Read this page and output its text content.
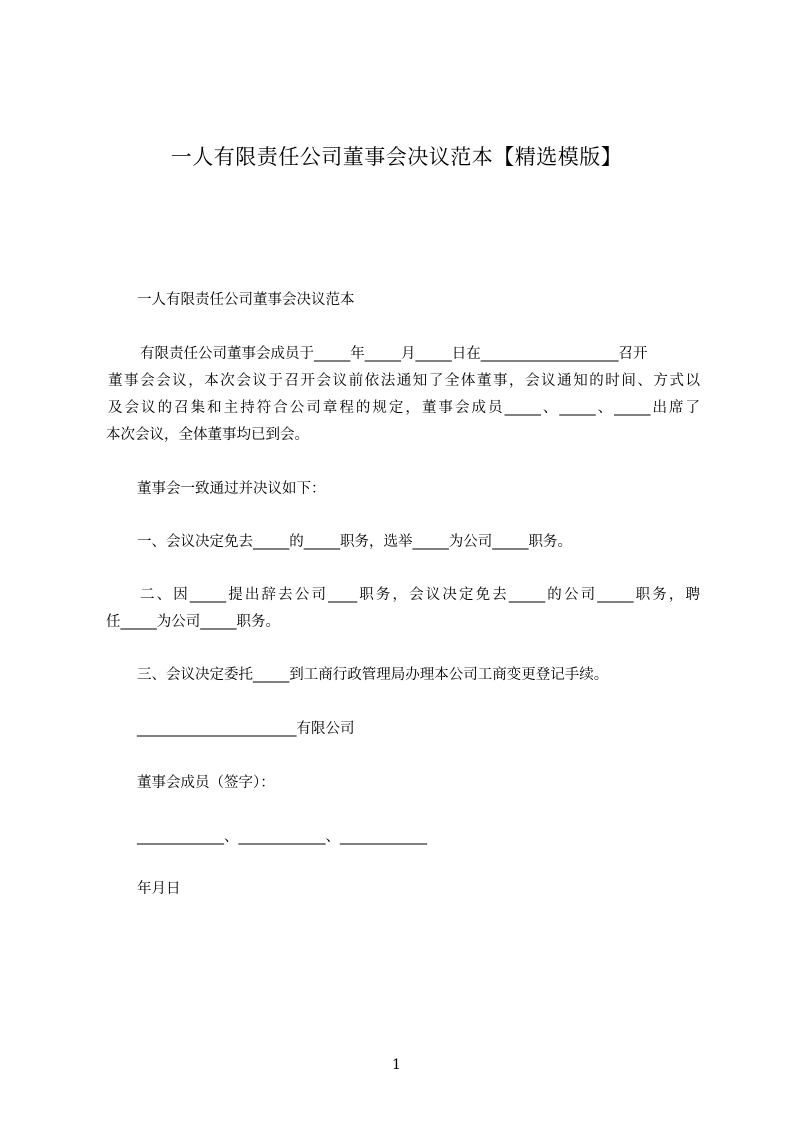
一人有限责任公司董事会决议范本【精选模版】
一人有限责任公司董事会决议范本
有限责任公司董事会成员于_____年_____月_____日在___________________召开
董事会会议，本次会议于召开会议前依法通知了全体董事，会议通知的时间、方式以
及会议的召集和主持符合公司章程的规定，董事会成员_____、_____、_____出席了
本次会议，全体董事均已到会。
董事会一致通过并决议如下：
一、会议决定免去_____的_____职务，选举_____为公司_____职务。
二、因_____提出辞去公司____职务，会议决定免去_____的公司_____职务，聘
任_____为公司_____职务。
三、会议决定委托_____到工商行政管理局办理本公司工商变更登记手续。
______________________有限公司
董事会成员（签字）：
____________、____________、____________
年月日
1
